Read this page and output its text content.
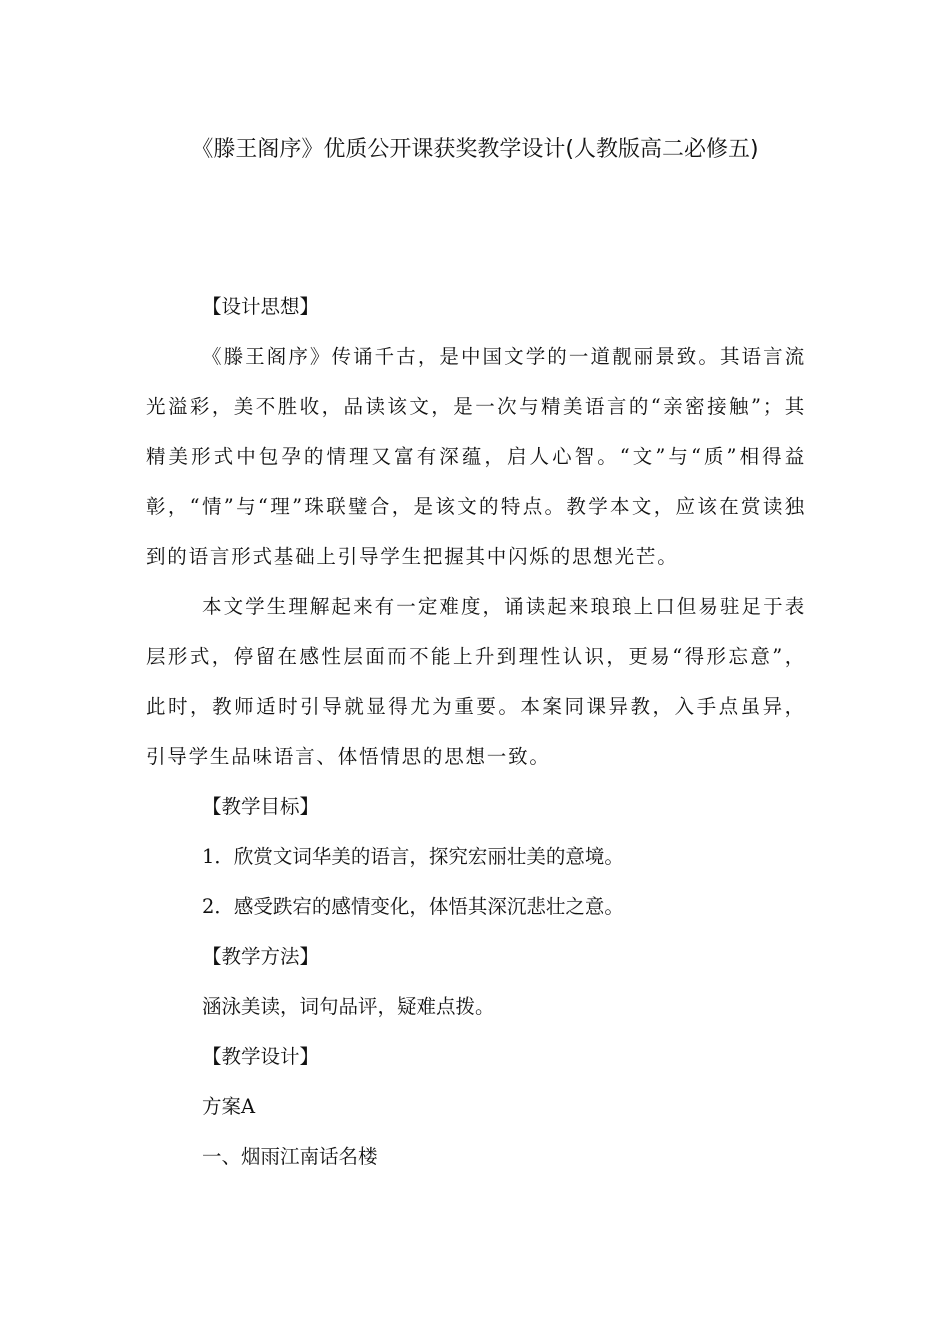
《滕王阁序》优质公开课获奖教学设计(人教版高二必修五)

【设计思想】

《滕王阁序》传诵千古，是中国文学的一道靓丽景致。其语言流光溢彩，美不胜收，品读该文，是一次与精美语言的“亲密接触”；其精美形式中包孕的情理又富有深蕴，启人心智。“文”与“质”相得益彰，“情”与“理”珠联璧合，是该文的特点。教学本文，应该在赏读独到的语言形式基础上引导学生把握其中闪烁的思想光芒。

本文学生理解起来有一定难度，诵读起来琅琅上口但易驻足于表层形式，停留在感性层面而不能上升到理性认识，更易“得形忘意”，此时，教师适时引导就显得尤为重要。本案同课异教，入手点虽异，引导学生品味语言、体悟情思的思想一致。

【教学目标】

1．欣赏文词华美的语言，探究宏丽壮美的意境。

2．感受跌宕的感情变化，体悟其深沉悲壮之意。

【教学方法】

涵泳美读，词句品评，疑难点拨。

【教学设计】

方案A

一、烟雨江南话名楼
